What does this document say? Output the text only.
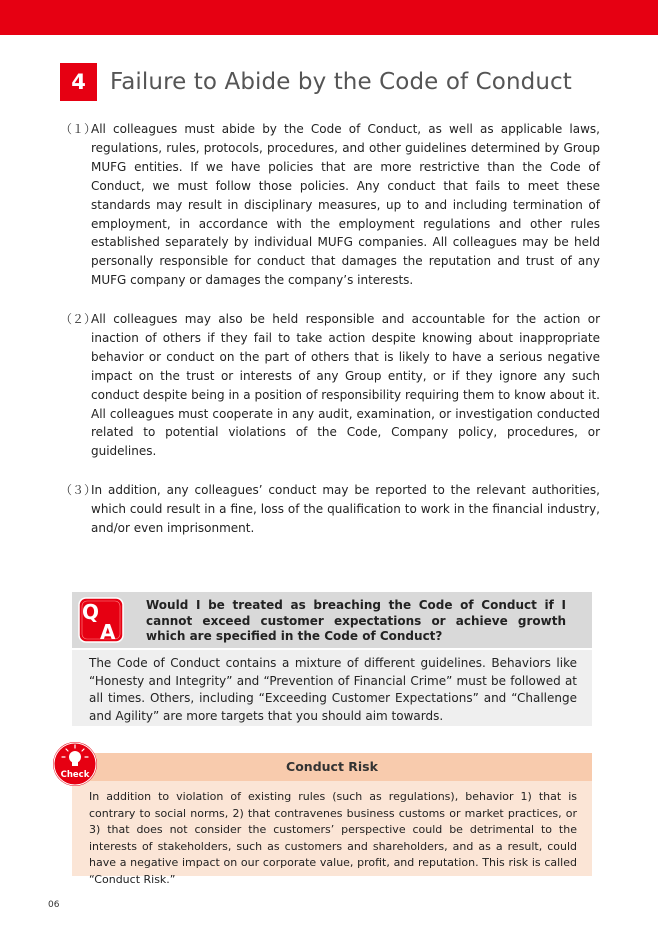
4	Failure to Abide by the Code of Conduct
（１）
All colleagues must abide by the Code of Conduct, as well as applicable laws, regulations, rules, protocols, procedures, and other guidelines determined by Group MUFG entities. If we have policies that are more restrictive than the Code of Conduct, we must follow those policies. Any conduct that fails to meet these standards may result in disciplinary measures, up to and including termination of employment, in accordance with the employment regulations and other rules established separately by individual MUFG companies. All colleagues may be held personally responsible for conduct that damages the reputation and trust of any MUFG company or damages the company’s interests.
（２）
All colleagues may also be held responsible and accountable for the action or inaction of others if they fail to take action despite knowing about inappropriate behavior or conduct on the part of others that is likely to have a serious negative impact on the trust or interests of any Group entity, or if they ignore any such conduct despite being in a position of responsibility requiring them to know about it. All colleagues must cooperate in any audit, examination, or investigation conducted related to potential violations of the Code, Company policy, procedures, or guidelines.
（３）
In addition, any colleagues’ conduct may be reported to the relevant authorities, which could result in a fine, loss of the qualification to work in the financial industry, and/or even imprisonment.
Q
A
Would I be treated as breaching the Code of Conduct if I cannot exceed customer expectations or achieve growth which are specified in the Code of Conduct?
The Code of Conduct contains a mixture of different guidelines. Behaviors like “Honesty and Integrity” and “Prevention of Financial Crime” must be followed at all times. Others, including “Exceeding Customer Expectations” and “Challenge and Agility” are more targets that you should aim towards.
Conduct Risk
In addition to violation of existing rules (such as regulations), behavior 1) that is contrary to social norms, 2) that contravenes business customs or market practices, or 3) that does not consider the customers’ perspective could be detrimental to the interests of stakeholders, such as customers and shareholders, and as a result, could have a negative impact on our corporate value, profit, and reputation. This risk is called “Conduct Risk.”
Check
06
